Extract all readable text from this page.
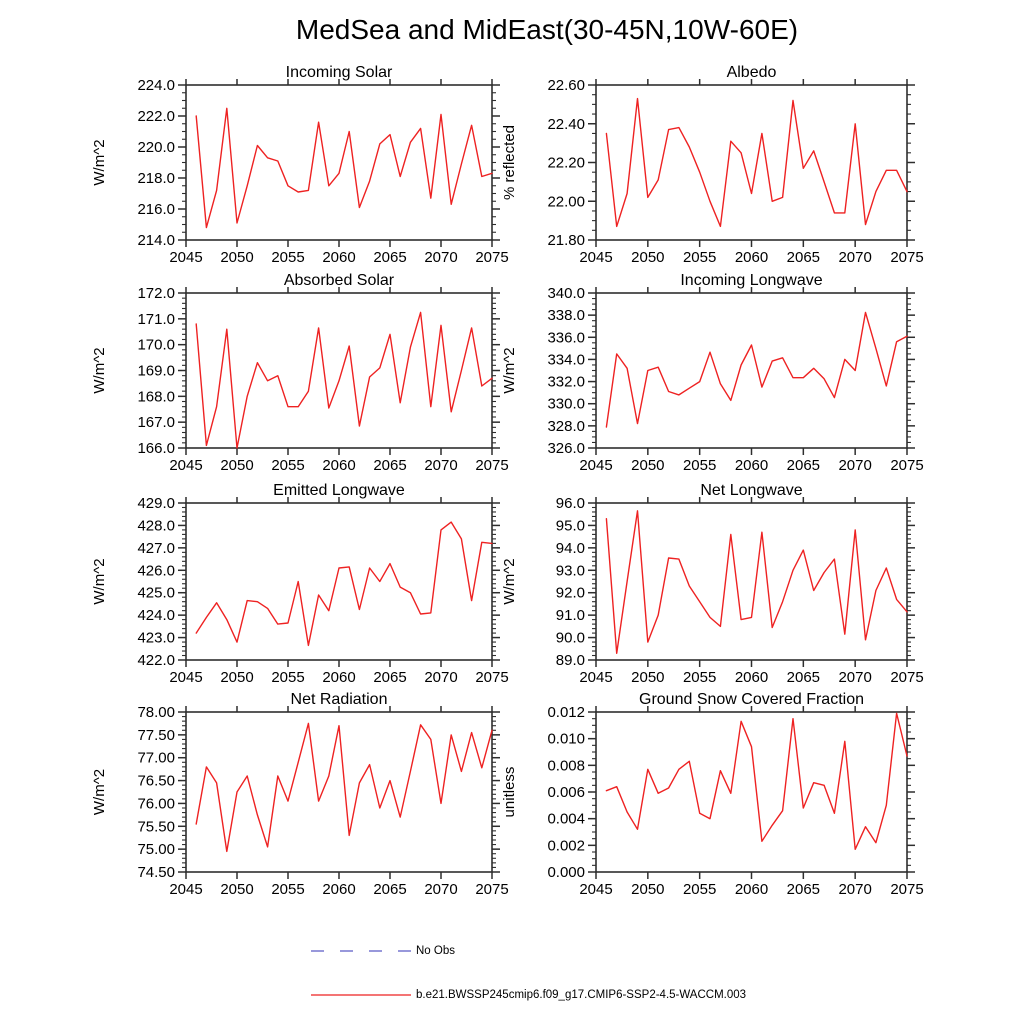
MedSea and MidEast(30-45N,10W-60E)
Incoming Solar
W/m^2
214.0
216.0
218.0
220.0
222.0
224.0
2045 2050 2055 2060 2065 2070 2075
Albedo
% reflected
21.80
22.00
22.20
22.40
22.60
2045 2050 2055 2060 2065 2070 2075
Absorbed Solar
W/m^2
166.0
167.0
168.0
169.0
170.0
171.0
172.0
2045 2050 2055 2060 2065 2070 2075
Incoming Longwave
W/m^2
326.0
328.0
330.0
332.0
334.0
336.0
338.0
340.0
2045 2050 2055 2060 2065 2070 2075
Emitted Longwave
W/m^2
422.0
423.0
424.0
425.0
426.0
427.0
428.0
429.0
2045 2050 2055 2060 2065 2070 2075
Net Longwave
W/m^2
89.0
90.0
91.0
92.0
93.0
94.0
95.0
96.0
2045 2050 2055 2060 2065 2070 2075
Net Radiation
W/m^2
74.50
75.00
75.50
76.00
76.50
77.00
77.50
78.00
2045 2050 2055 2060 2065 2070 2075
Ground Snow Covered Fraction
unitless
0.000
0.002
0.004
0.006
0.008
0.010
0.012
2045 2050 2055 2060 2065 2070 2075
No Obs
b.e21.BWSSP245cmip6.f09_g17.CMIP6-SSP2-4.5-WACCM.003
